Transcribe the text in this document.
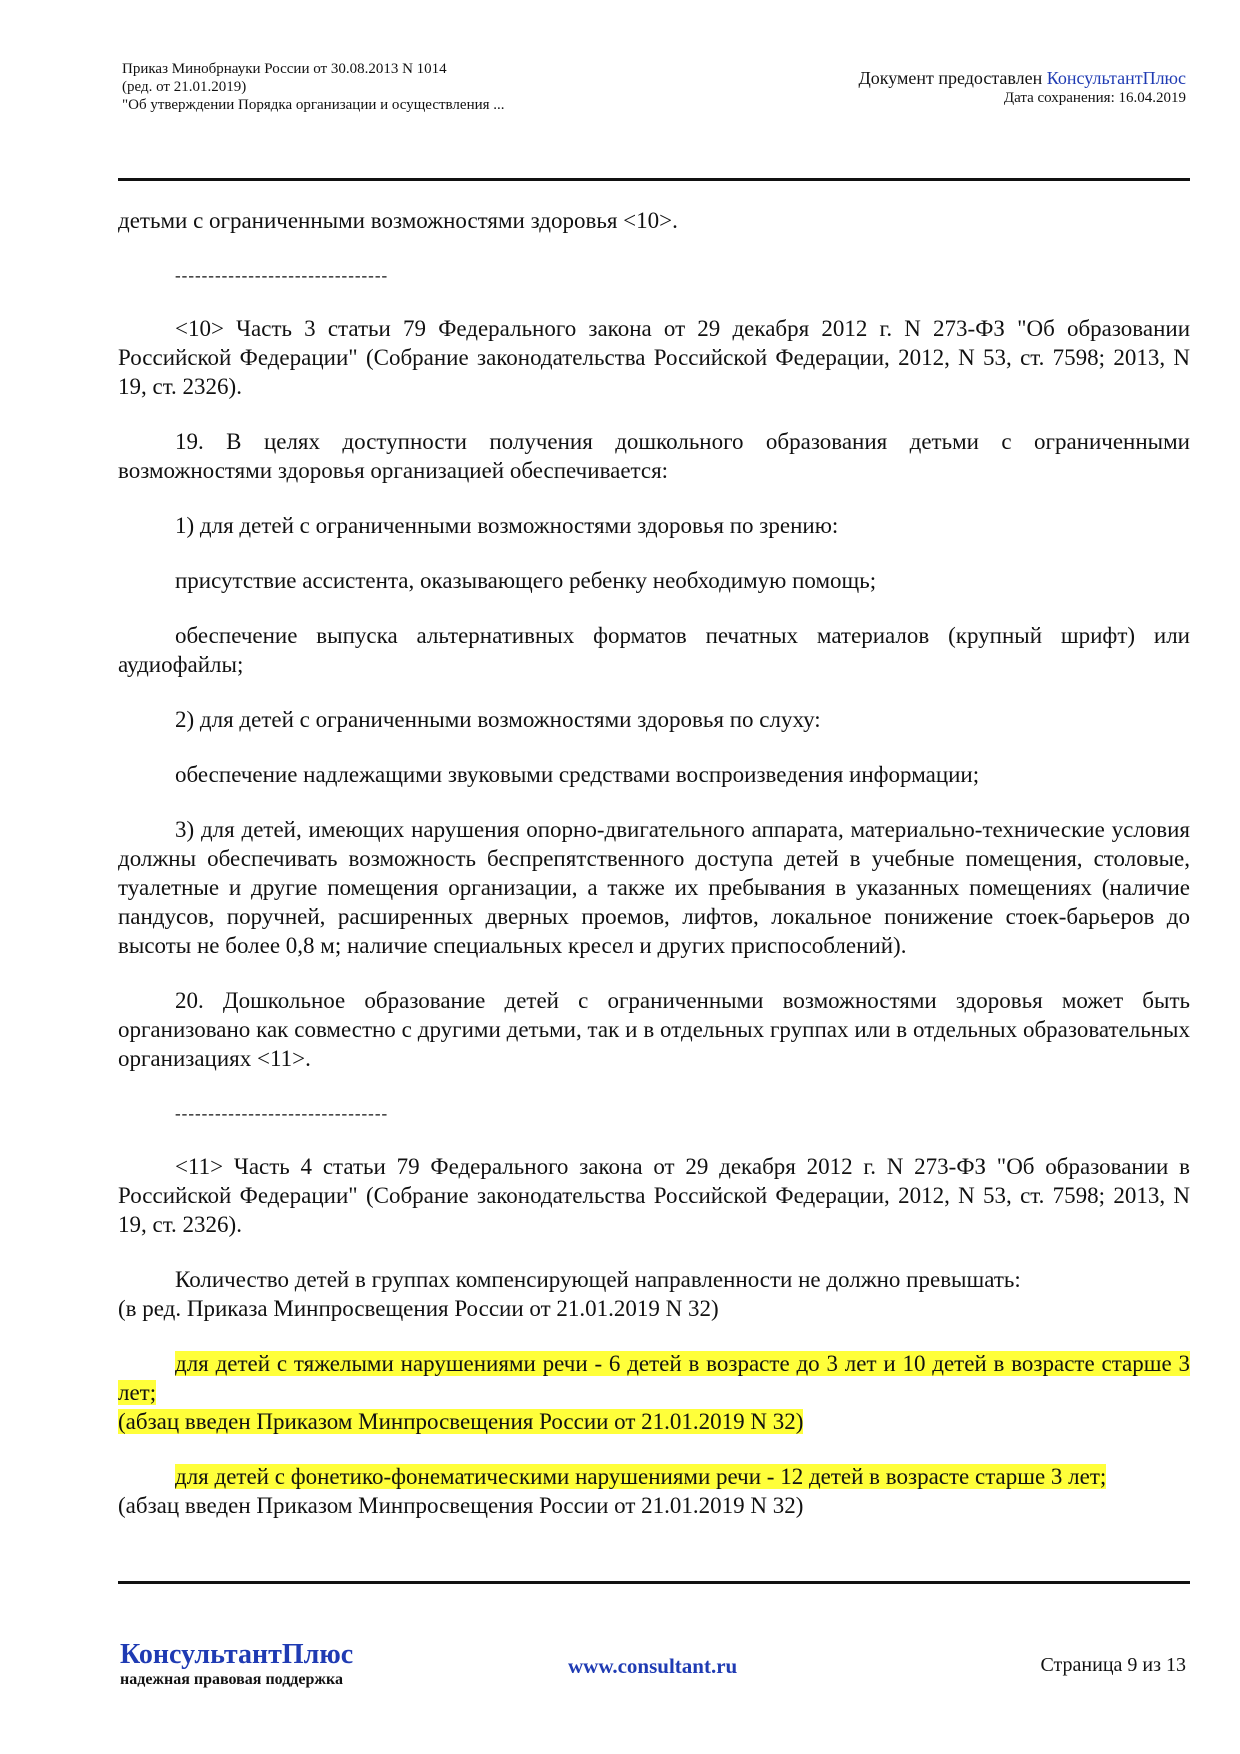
Приказ Минобрнауки России от 30.08.2013 N 1014
(ред. от 21.01.2019)
"Об утверждении Порядка организации и осуществления ...
Документ предоставлен КонсультантПлюс
Дата сохранения: 16.04.2019

детьми с ограниченными возможностями здоровья <10>.

--------------------------------

<10> Часть 3 статьи 79 Федерального закона от 29 декабря 2012 г. N 273-ФЗ "Об образовании Российской Федерации" (Собрание законодательства Российской Федерации, 2012, N 53, ст. 7598; 2013, N 19, ст. 2326).

19. В целях доступности получения дошкольного образования детьми с ограниченными возможностями здоровья организацией обеспечивается:

1) для детей с ограниченными возможностями здоровья по зрению:

присутствие ассистента, оказывающего ребенку необходимую помощь;

обеспечение выпуска альтернативных форматов печатных материалов (крупный шрифт) или аудиофайлы;

2) для детей с ограниченными возможностями здоровья по слуху:

обеспечение надлежащими звуковыми средствами воспроизведения информации;

3) для детей, имеющих нарушения опорно-двигательного аппарата, материально-технические условия должны обеспечивать возможность беспрепятственного доступа детей в учебные помещения, столовые, туалетные и другие помещения организации, а также их пребывания в указанных помещениях (наличие пандусов, поручней, расширенных дверных проемов, лифтов, локальное понижение стоек-барьеров до высоты не более 0,8 м; наличие специальных кресел и других приспособлений).

20. Дошкольное образование детей с ограниченными возможностями здоровья может быть организовано как совместно с другими детьми, так и в отдельных группах или в отдельных образовательных организациях <11>.

--------------------------------

<11> Часть 4 статьи 79 Федерального закона от 29 декабря 2012 г. N 273-ФЗ "Об образовании в Российской Федерации" (Собрание законодательства Российской Федерации, 2012, N 53, ст. 7598; 2013, N 19, ст. 2326).

Количество детей в группах компенсирующей направленности не должно превышать:

(в ред. Приказа Минпросвещения России от 21.01.2019 N 32)

для детей с тяжелыми нарушениями речи - 6 детей в возрасте до 3 лет и 10 детей в возрасте старше 3 лет;

(абзац введен Приказом Минпросвещения России от 21.01.2019 N 32)

для детей с фонетико-фонематическими нарушениями речи - 12 детей в возрасте старше 3 лет;

(абзац введен Приказом Минпросвещения России от 21.01.2019 N 32)

КонсультантПлюс
надежная правовая поддержка
www.consultant.ru	Страница 9 из 13
